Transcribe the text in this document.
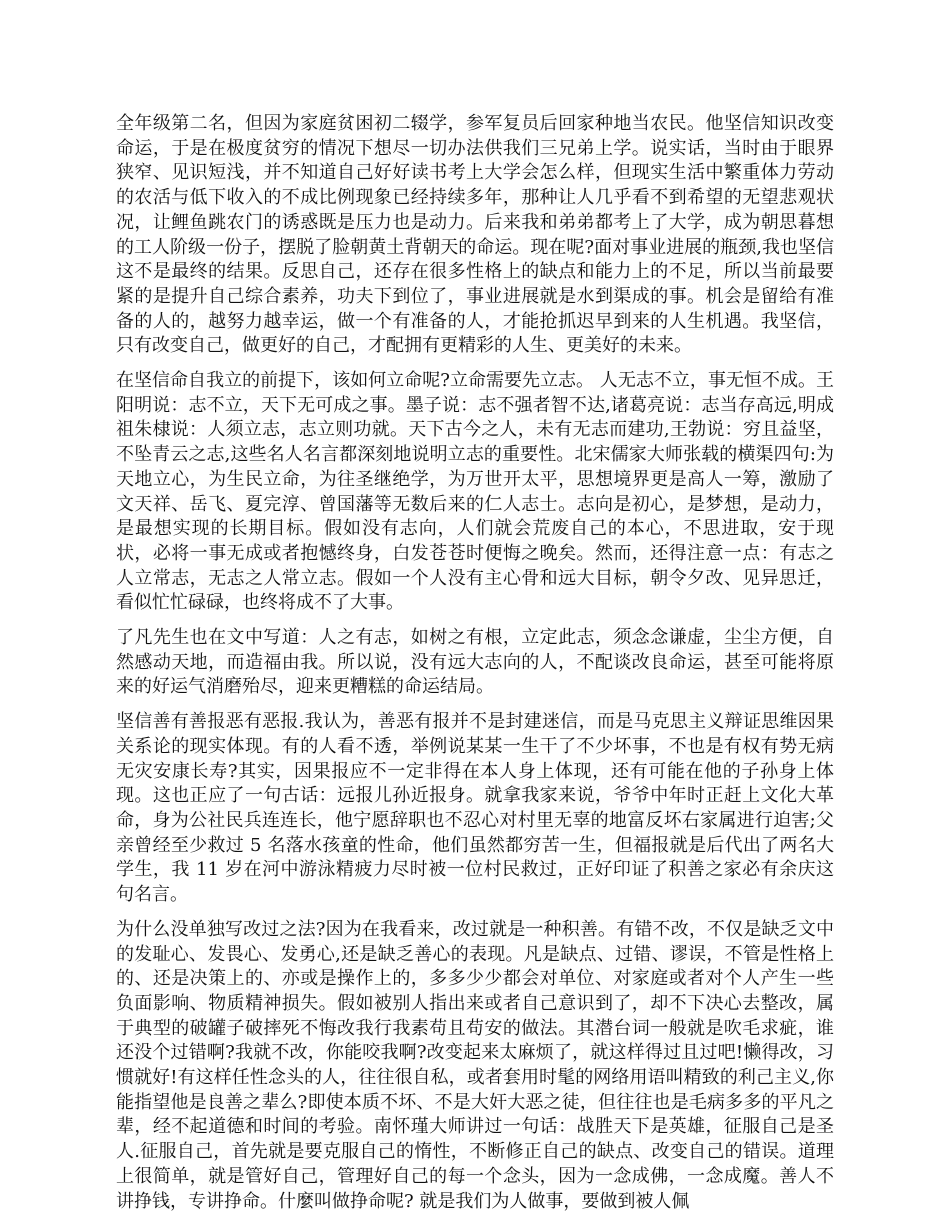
全年级第二名，但因为家庭贫困初二辍学，参军复员后回家种地当农民。他坚信知识改变命运，于是在极度贫穷的情况下想尽一切办法供我们三兄弟上学。说实话，当时由于眼界狭窄、见识短浅，并不知道自己好好读书考上大学会怎么样，但现实生活中繁重体力劳动的农活与低下收入的不成比例现象已经持续多年，那种让人几乎看不到希望的无望悲观状况，让鲤鱼跳农门的诱惑既是压力也是动力。后来我和弟弟都考上了大学，成为朝思暮想的工人阶级一份子，摆脱了脸朝黄土背朝天的命运。现在呢?面对事业进展的瓶颈,我也坚信这不是最终的结果。反思自己，还存在很多性格上的缺点和能力上的不足，所以当前最要紧的是提升自己综合素养，功夫下到位了，事业进展就是水到渠成的事。机会是留给有准备的人的，越努力越幸运，做一个有准备的人，才能抢抓迟早到来的人生机遇。我坚信，只有改变自己，做更好的自己，才配拥有更精彩的人生、更美好的未来。

在坚信命自我立的前提下，该如何立命呢?立命需要先立志。 人无志不立，事无恒不成。王阳明说：志不立，天下无可成之事。墨子说：志不强者智不达,诸葛亮说：志当存高远,明成祖朱棣说：人须立志，志立则功就。天下古今之人，未有无志而建功,王勃说：穷且益坚，不坠青云之志,这些名人名言都深刻地说明立志的重要性。北宋儒家大师张载的横渠四句:为天地立心，为生民立命，为往圣继绝学，为万世开太平，思想境界更是高人一筹，激励了文天祥、岳飞、夏完淳、曾国藩等无数后来的仁人志士。志向是初心，是梦想，是动力，是最想实现的长期目标。假如没有志向，人们就会荒废自己的本心，不思进取，安于现状，必将一事无成或者抱憾终身，白发苍苍时便悔之晚矣。然而，还得注意一点：有志之人立常志，无志之人常立志。假如一个人没有主心骨和远大目标，朝令夕改、见异思迁，看似忙忙碌碌，也终将成不了大事。

了凡先生也在文中写道：人之有志，如树之有根，立定此志，须念念谦虚，尘尘方便，自然感动天地，而造福由我。所以说，没有远大志向的人，不配谈改良命运，甚至可能将原来的好运气消磨殆尽，迎来更糟糕的命运结局。

坚信善有善报恶有恶报.我认为，善恶有报并不是封建迷信，而是马克思主义辩证思维因果关系论的现实体现。有的人看不透，举例说某某一生干了不少坏事，不也是有权有势无病无灾安康长寿?其实，因果报应不一定非得在本人身上体现，还有可能在他的子孙身上体现。这也正应了一句古话：远报儿孙近报身。就拿我家来说，爷爷中年时正赶上文化大革命，身为公社民兵连连长，他宁愿辞职也不忍心对村里无辜的地富反坏右家属进行迫害;父亲曾经至少救过 5 名落水孩童的性命，他们虽然都穷苦一生，但福报就是后代出了两名大学生，我 11 岁在河中游泳精疲力尽时被一位村民救过，正好印证了积善之家必有余庆这句名言。

为什么没单独写改过之法?因为在我看来，改过就是一种积善。有错不改，不仅是缺乏文中的发耻心、发畏心、发勇心,还是缺乏善心的表现。凡是缺点、过错、谬误，不管是性格上的、还是决策上的、亦或是操作上的，多多少少都会对单位、对家庭或者对个人产生一些负面影响、物质精神损失。假如被别人指出来或者自己意识到了，却不下决心去整改，属于典型的破罐子破摔死不悔改我行我素苟且苟安的做法。其潜台词一般就是吹毛求疵，谁还没个过错啊?我就不改，你能咬我啊?改变起来太麻烦了，就这样得过且过吧!懒得改，习惯就好!有这样任性念头的人，往往很自私，或者套用时髦的网络用语叫精致的利己主义,你能指望他是良善之辈么?即使本质不坏、不是大奸大恶之徒，但往往也是毛病多多的平凡之辈，经不起道德和时间的考验。南怀瑾大师讲过一句话：战胜天下是英雄，征服自己是圣人.征服自己，首先就是要克服自己的惰性，不断修正自己的缺点、改变自己的错误。道理上很简单，就是管好自己，管理好自己的每一个念头，因为一念成佛，一念成魔。善人不讲挣钱，专讲挣命。什麼叫做挣命呢? 就是我们为人做事，要做到被人佩
